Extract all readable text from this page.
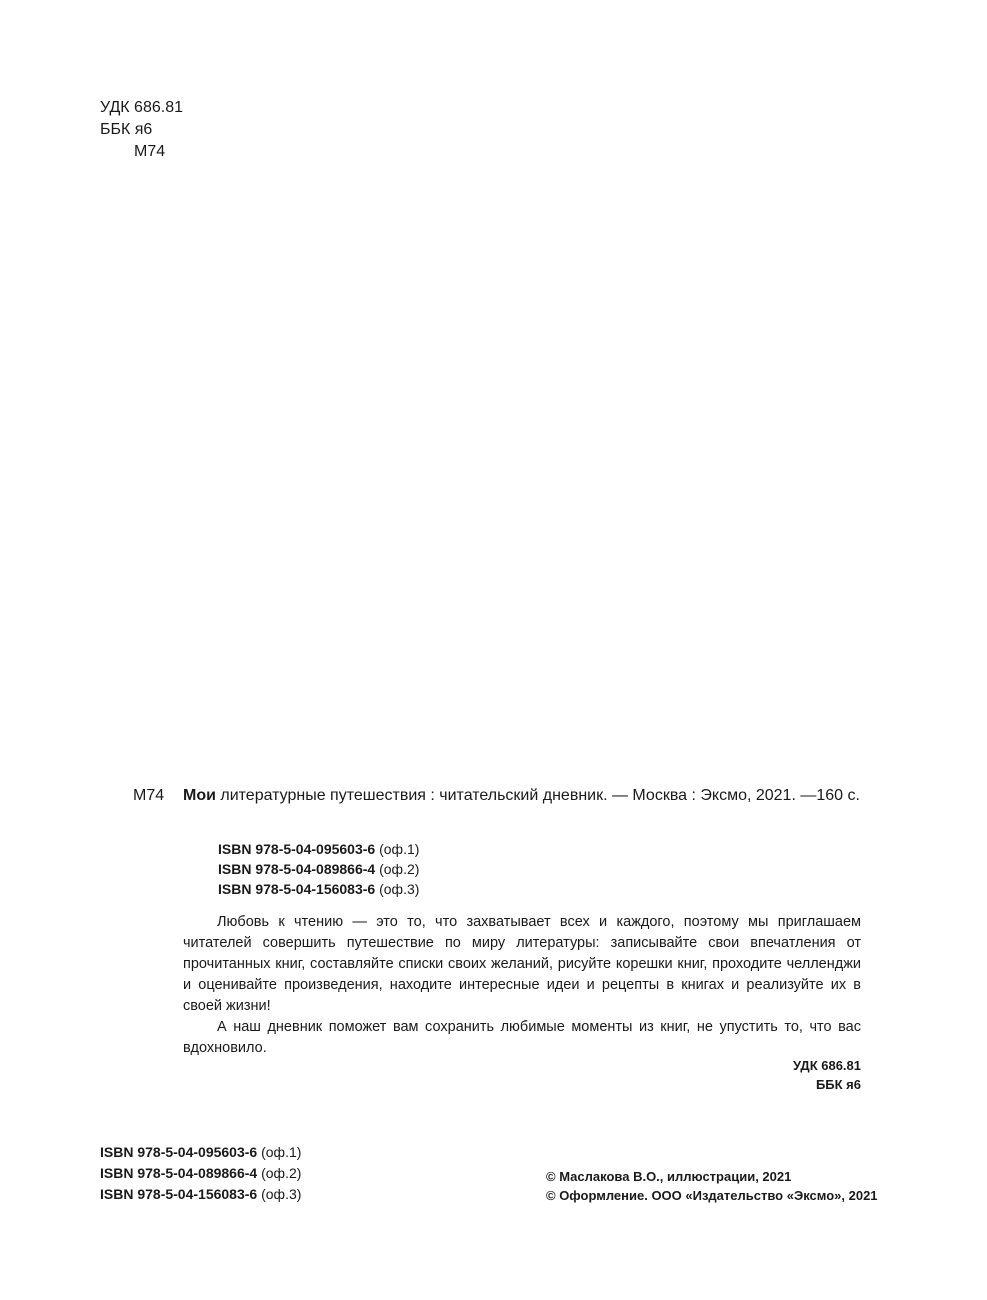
УДК 686.81
ББК я6
М74
М74 Мои литературные путешествия : читательский дневник. — Москва : Эксмо, 2021. —160 с.
ISBN 978-5-04-095603-6 (оф.1)
ISBN 978-5-04-089866-4 (оф.2)
ISBN 978-5-04-156083-6 (оф.3)

Любовь к чтению — это то, что захватывает всех и каждого, поэтому мы приглашаем читателей совершить путешествие по миру литературы: записывайте свои впечатления от прочитанных книг, составляйте списки своих желаний, рисуйте корешки книг, проходите челленджи и оценивайте произведения, находите интересные идеи и рецепты в книгах и реализуйте их в своей жизни!

А наш дневник поможет вам сохранить любимые моменты из книг, не упустить то, что вас вдохновило.

УДК 686.81
ББК я6
ISBN 978-5-04-095603-6 (оф.1)
ISBN 978-5-04-089866-4 (оф.2)
ISBN 978-5-04-156083-6 (оф.3)
© Маслакова В.О., иллюстрации, 2021
© Оформление. ООО «Издательство «Эксмо», 2021
